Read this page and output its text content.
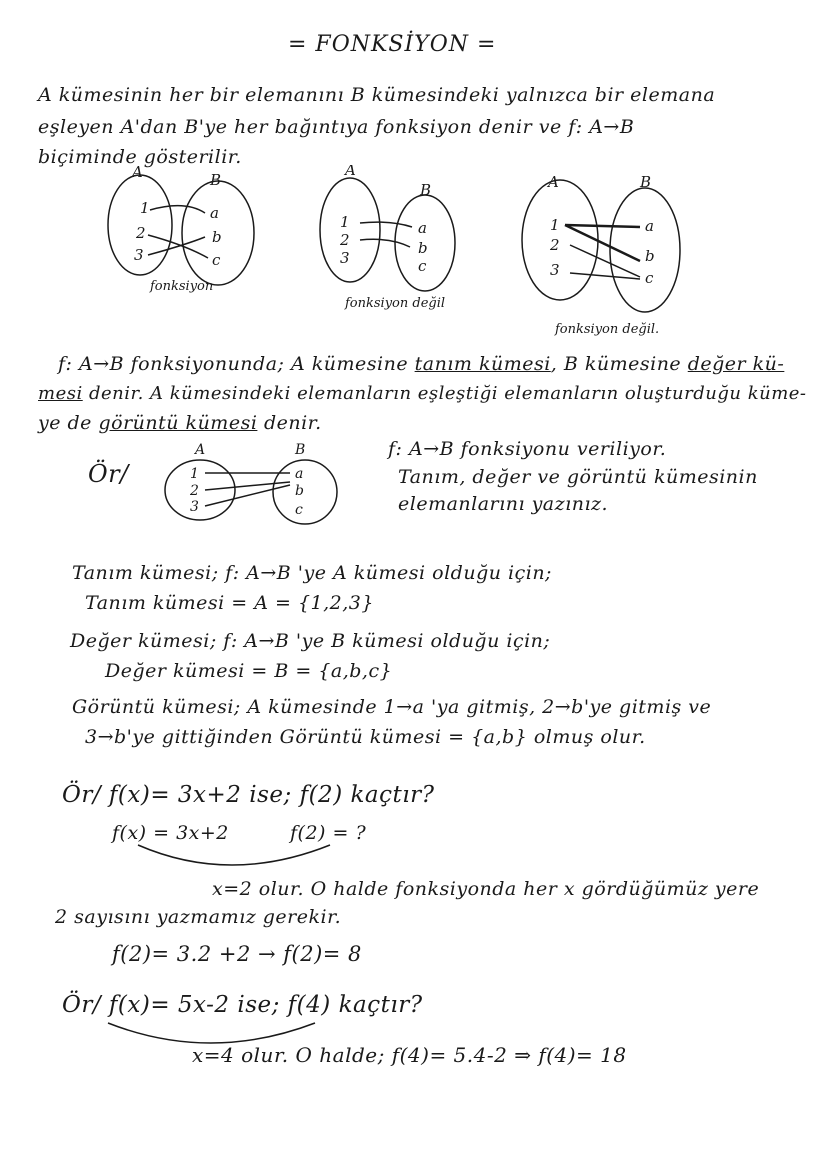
= FONKSİYON =
A kümesinin her bir elemanını B kümesindeki yalnızca bir elemana
eşleyen A'dan B'ye her bağıntıya fonksiyon denir ve f: A→B
biçiminde gösterilir.
A	B
1
2
3
a
b
c
fonksiyon
A
B
1
2
3
a
b
c
fonksiyon değil
A	B
1
2
3
a
b
c
fonksiyon değil.
f: A→B fonksiyonunda; A kümesine tanım kümesi, B kümesine değer kü-
mesi denir. A kümesindeki elemanların eşleştiği elemanların oluşturduğu küme-
ye de görüntü kümesi denir.
Ör/
A	B
1
2
3
a
b
c
f: A→B fonksiyonu veriliyor.
Tanım, değer ve görüntü kümesinin
elemanlarını yazınız.
Tanım kümesi; f: A→B 'ye A kümesi olduğu için;
Tanım kümesi = A = {1,2,3}
Değer kümesi; f: A→B 'ye B kümesi olduğu için;
Değer kümesi = B = {a,b,c}
Görüntü kümesi; A kümesinde 1→a 'ya gitmiş, 2→b'ye gitmiş ve
3→b'ye gittiğinden Görüntü kümesi = {a,b} olmuş olur.
Ör/ f(x)= 3x+2 ise; f(2) kaçtır?
f(x) = 3x+2	f(2) = ?
x=2 olur. O halde fonksiyonda her x gördüğümüz yere
2 sayısını yazmamız gerekir.
f(2)= 3.2 +2 → f(2)= 8
Ör/ f(x)= 5x-2 ise; f(4) kaçtır?
x=4 olur. O halde; f(4)= 5.4-2 ⇒ f(4)= 18
